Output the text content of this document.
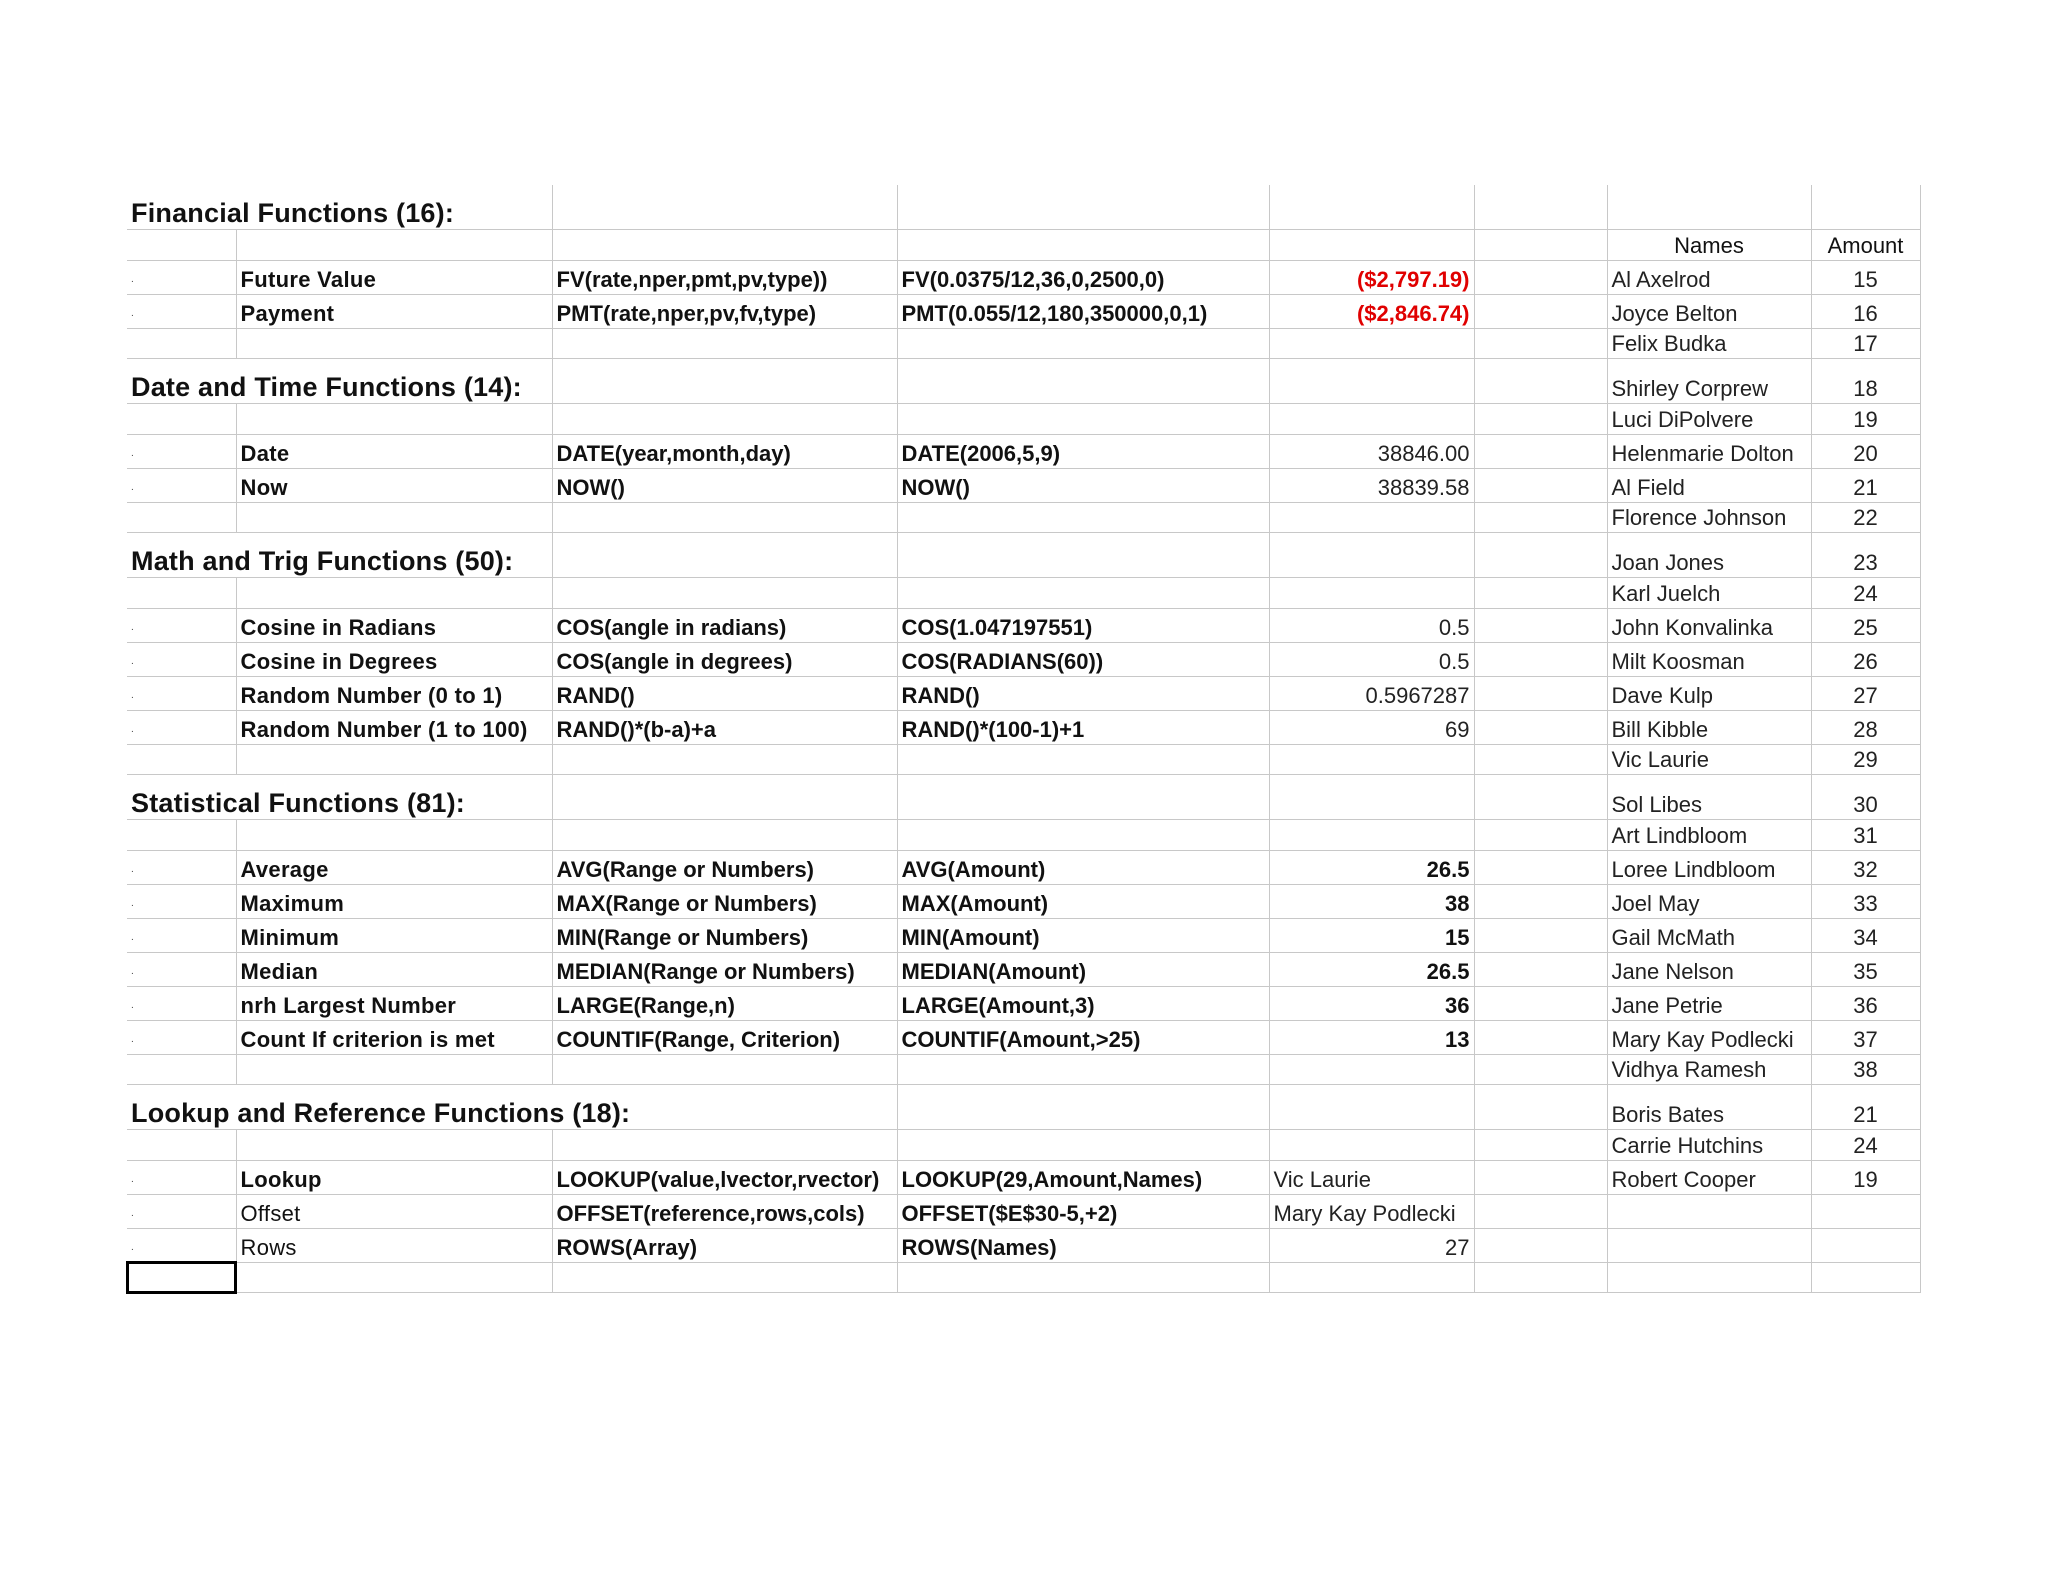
Financial Functions (16):							
						Names	Amount
.	Future Value	FV(rate,nper,pmt,pv,type))	FV(0.0375/12,36,0,2500,0)	($2,797.19)		Al Axelrod	15
.	Payment	PMT(rate,nper,pv,fv,type)	PMT(0.055/12,180,350000,0,1)	($2,846.74)		Joyce Belton	16
						Felix Budka	17
Date and Time Functions (14):						Shirley Corprew	18
						Luci DiPolvere	19
.	Date	DATE(year,month,day)	DATE(2006,5,9)	38846.00		Helenmarie Dolton	20
.	Now	NOW()	NOW()	38839.58		Al Field	21
						Florence Johnson	22
Math and Trig Functions (50):						Joan Jones	23
						Karl Juelch	24
.	Cosine in Radians	COS(angle in radians)	COS(1.047197551)	0.5		John Konvalinka	25
.	Cosine in Degrees	COS(angle in degrees)	COS(RADIANS(60))	0.5		Milt Koosman	26
.	Random Number (0 to 1)	RAND()	RAND()	0.5967287		Dave Kulp	27
.	Random Number (1 to 100)	RAND()*(b-a)+a	RAND()*(100-1)+1	69		Bill Kibble	28
						Vic Laurie	29
Statistical Functions (81):						Sol Libes	30
						Art Lindbloom	31
.	Average	AVG(Range or Numbers)	AVG(Amount)	26.5		Loree Lindbloom	32
.	Maximum	MAX(Range or Numbers)	MAX(Amount)	38		Joel May	33
.	Minimum	MIN(Range or Numbers)	MIN(Amount)	15		Gail McMath	34
.	Median	MEDIAN(Range or Numbers)	MEDIAN(Amount)	26.5		Jane Nelson	35
.	nrh Largest Number	LARGE(Range,n)	LARGE(Amount,3)	36		Jane Petrie	36
.	Count If criterion is met	COUNTIF(Range, Criterion)	COUNTIF(Amount,>25)	13		Mary Kay Podlecki	37
						Vidhya Ramesh	38
Lookup and Reference Functions (18):						Boris Bates	21
						Carrie Hutchins	24
.	Lookup	LOOKUP(value,lvector,rvector)	LOOKUP(29,Amount,Names)	Vic Laurie		Robert Cooper	19
.	Offset	OFFSET(reference,rows,cols)	OFFSET($E$30-5,+2)	Mary Kay Podlecki			
.	Rows	ROWS(Array)	ROWS(Names)	27			
